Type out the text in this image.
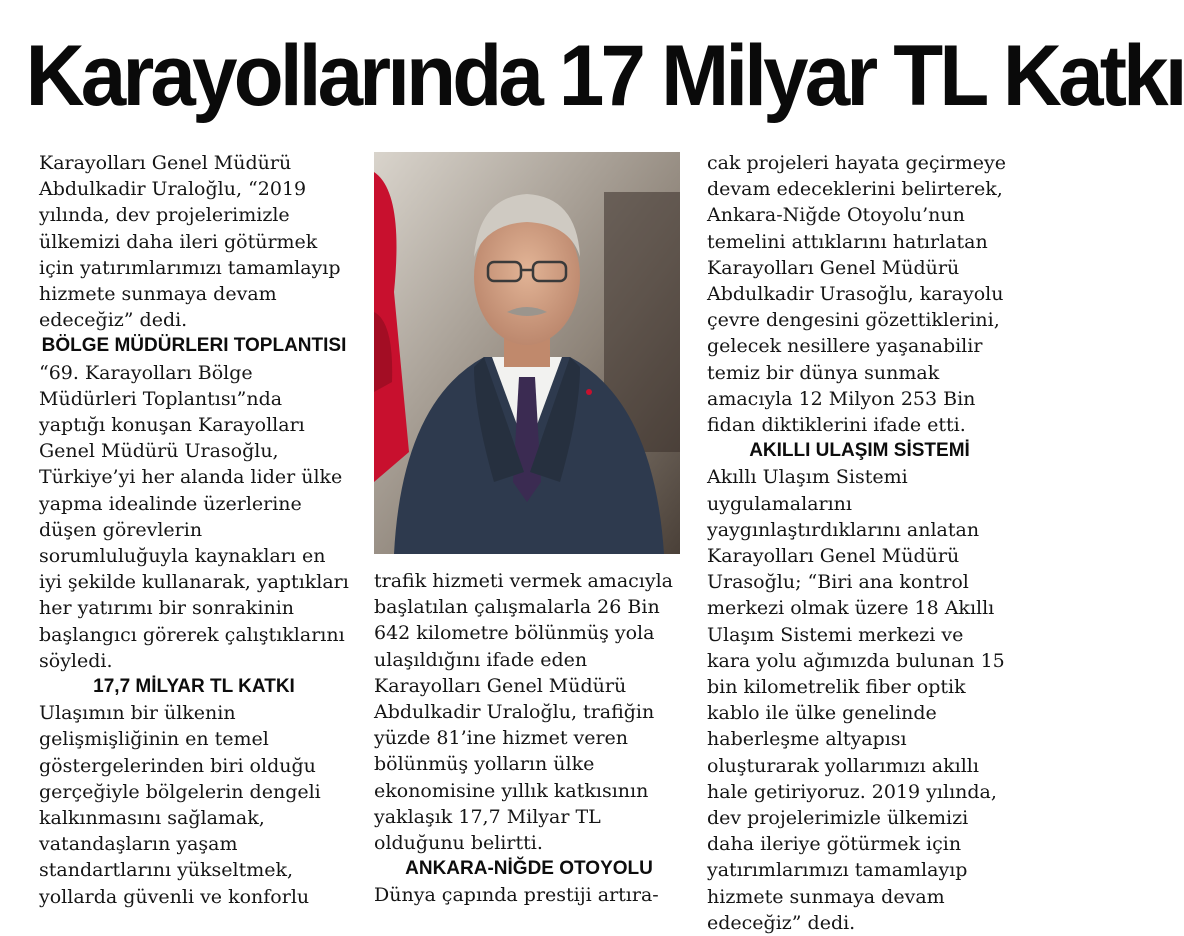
Karayollarında 17 Milyar TL Katkı

Karayolları Genel Müdürü Abdulkadir Uraloğlu, “2019 yılında, dev projelerimizle ülkemizi daha ileri götürmek için yatırımlarımızı tamamlayıp hizmete sunmaya devam edeceğiz” dedi.

BÖLGE MÜDÜRLERI TOPLANTISI

“69. Karayolları Bölge Müdürleri Toplantısı”nda yaptığı konuşan Karayolları Genel Müdürü Urasoğlu, Türkiye’yi her alanda lider ülke yapma idealinde üzerlerine düşen görevlerin sorumluluğuyla kaynakları en iyi şekilde kullanarak, yaptıkları her yatırımı bir sonrakinin başlangıcı görerek çalıştıklarını söyledi.

17,7 MİLYAR TL KATKI

Ulaşımın bir ülkenin gelişmişliğinin en temel göstergelerinden biri olduğu gerçeğiyle bölgelerin dengeli kalkınmasını sağlamak, vatandaşların yaşam standartlarını yükseltmek, yollarda güvenli ve konforlu

trafik hizmeti vermek amacıyla başlatılan çalışmalarla 26 Bin 642 kilometre bölünmüş yola ulaşıldığını ifade eden Karayolları Genel Müdürü Abdulkadir Uraloğlu, trafiğin yüzde 81’ine hizmet veren bölünmüş yolların ülke ekonomisine yıllık katkısının yaklaşık 17,7 Milyar TL olduğunu belirtti.

ANKARA-NİĞDE OTOYOLU

Dünya çapında prestiji artıra-

cak projeleri hayata geçirmeye devam edeceklerini belirterek, Ankara-Niğde Otoyolu’nun temelini attıklarını hatırlatan Karayolları Genel Müdürü Abdulkadir Urasoğlu, karayolu çevre dengesini gözettiklerini, gelecek nesillere yaşanabilir temiz bir dünya sunmak amacıyla 12 Milyon 253 Bin fidan diktiklerini ifade etti.

AKILLI ULAŞIM SİSTEMİ

Akıllı Ulaşım Sistemi uygulamalarını yaygınlaştırdıklarını anlatan Karayolları Genel Müdürü Urasoğlu; “Biri ana kontrol merkezi olmak üzere 18 Akıllı Ulaşım Sistemi merkezi ve kara yolu ağımızda bulunan 15 bin kilometrelik fiber optik kablo ile ülke genelinde haberleşme altyapısı oluşturarak yollarımızı akıllı hale getiriyoruz. 2019 yılında, dev projelerimizle ülkemizi daha ileriye götürmek için yatırımlarımızı tamamlayıp hizmete sunmaya devam edeceğiz” dedi.
